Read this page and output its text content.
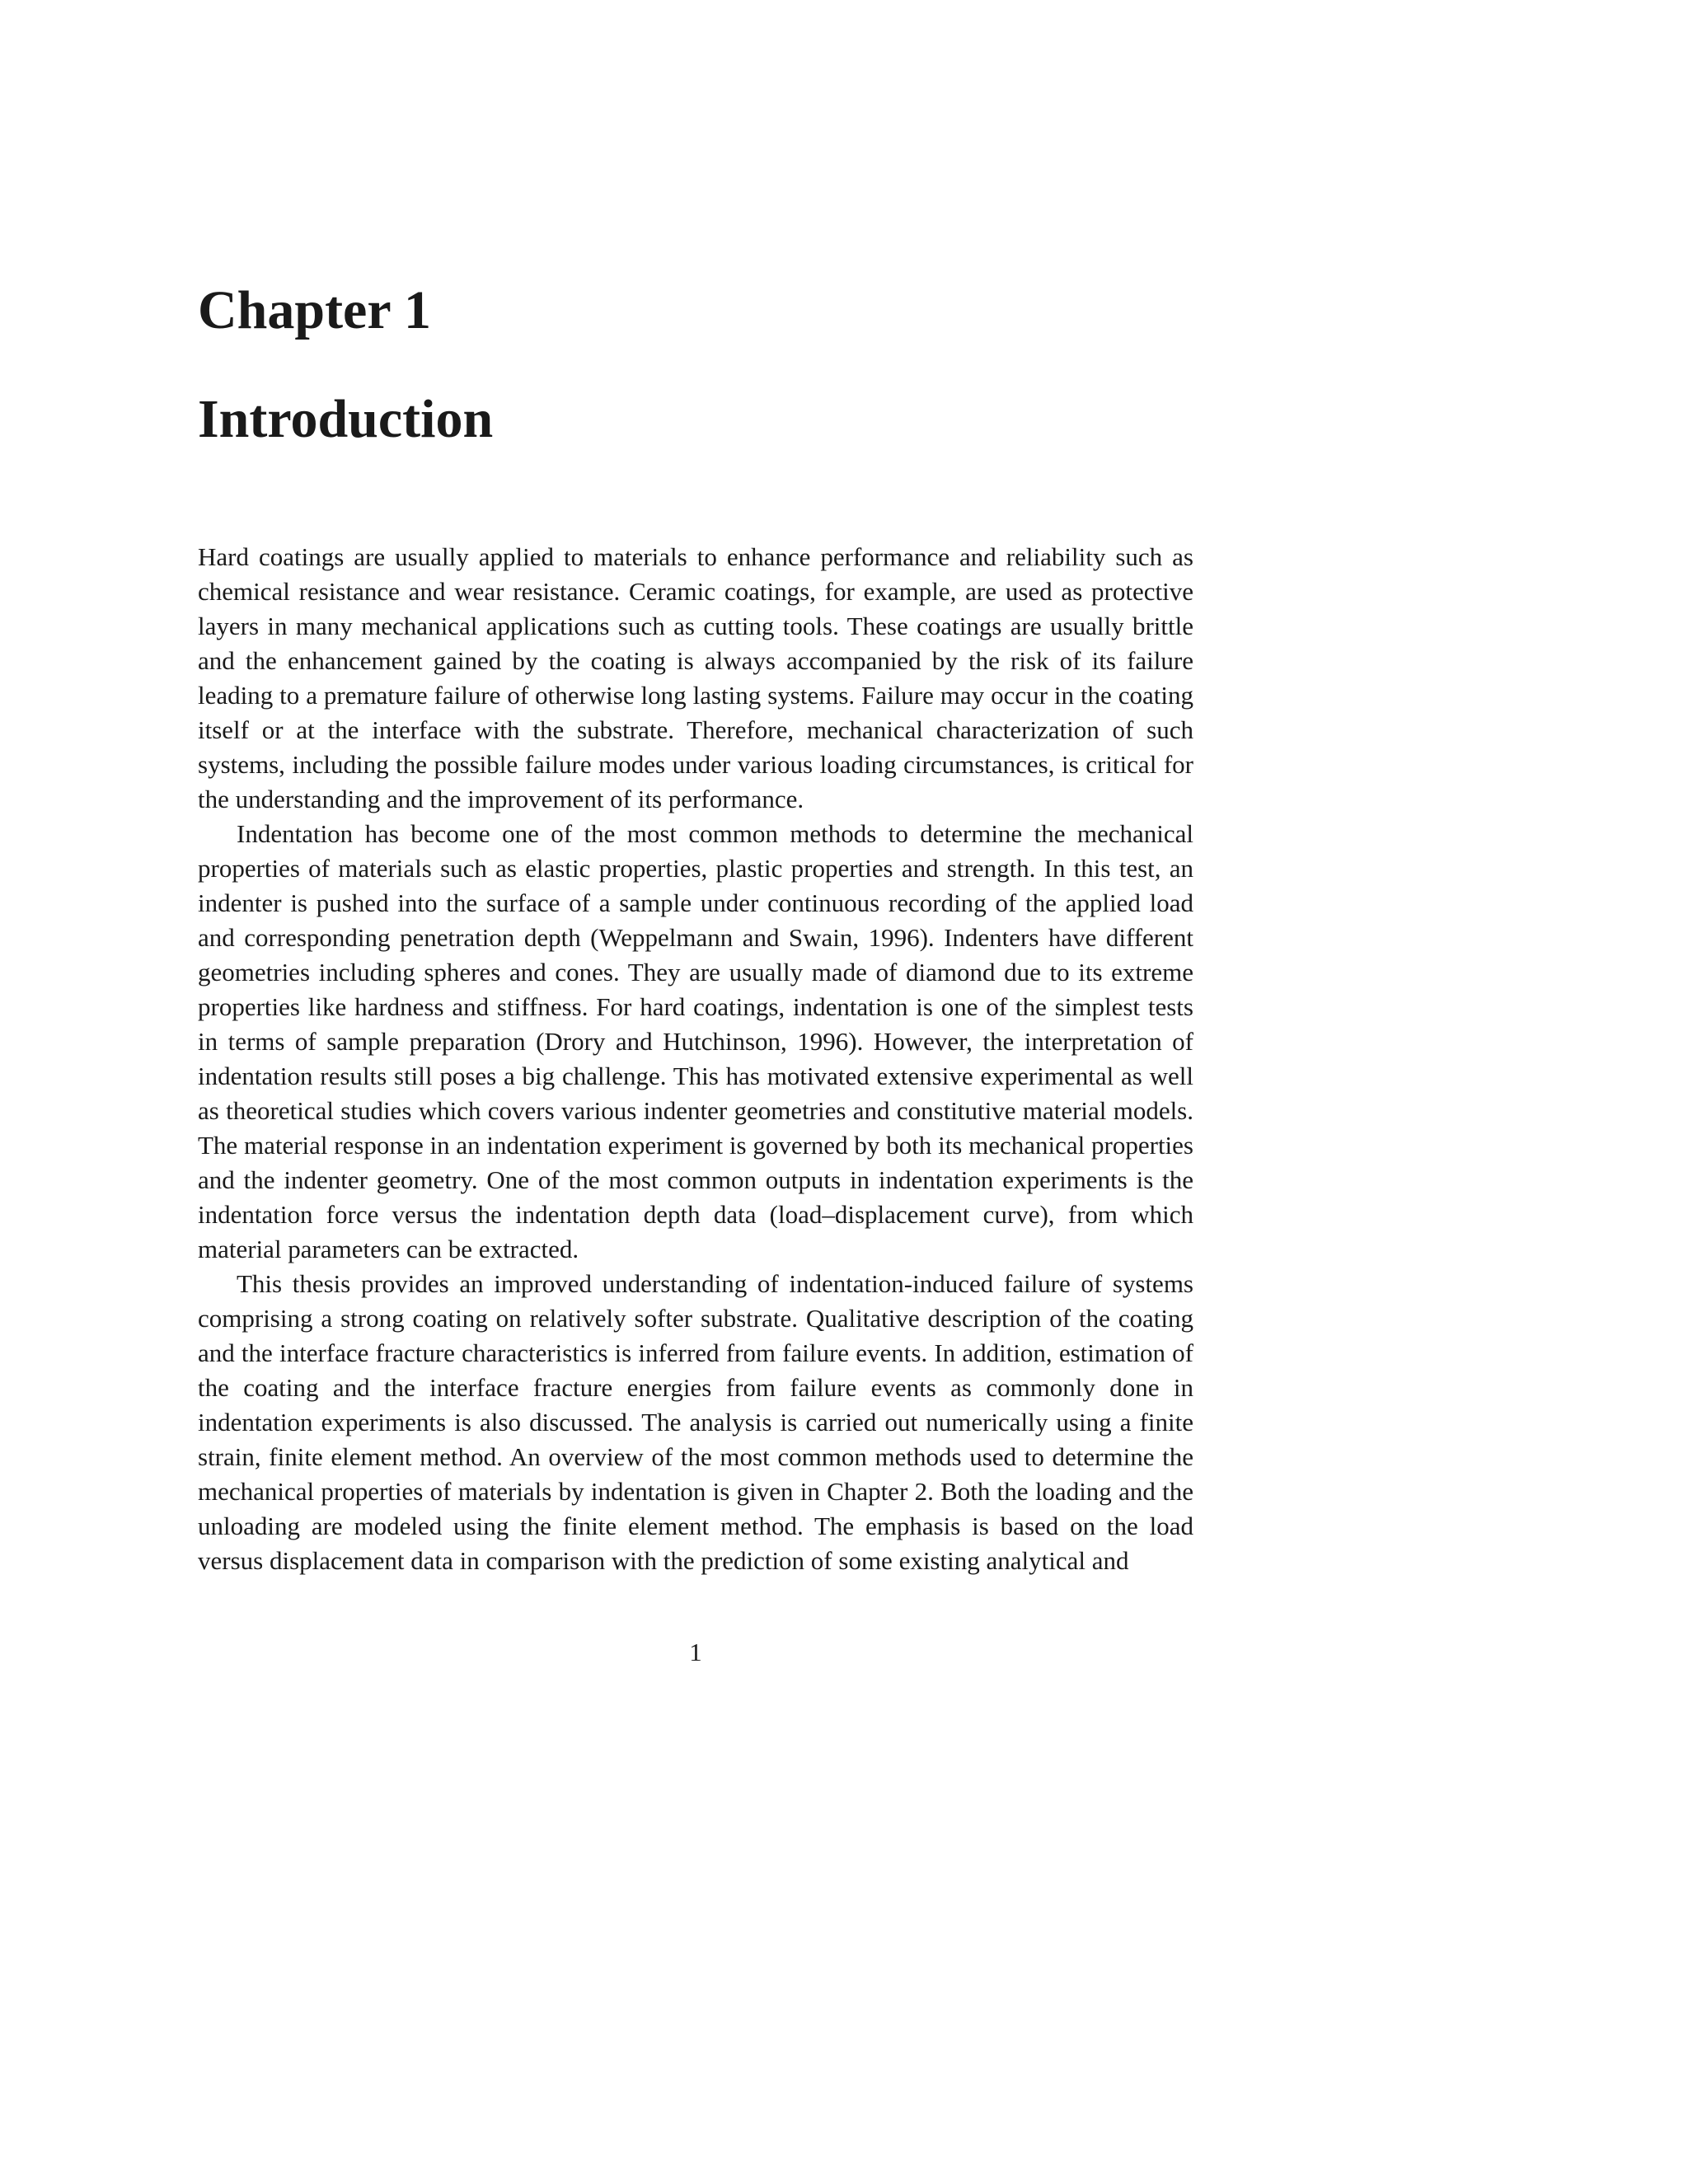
Chapter 1
Introduction

Hard coatings are usually applied to materials to enhance performance and reliability such as chemical resistance and wear resistance. Ceramic coatings, for example, are used as protective layers in many mechanical applications such as cutting tools. These coatings are usually brittle and the enhancement gained by the coating is always accompanied by the risk of its failure leading to a premature failure of otherwise long lasting systems. Failure may occur in the coating itself or at the interface with the substrate. Therefore, mechanical characterization of such systems, including the possible failure modes under various loading circumstances, is critical for the understanding and the improvement of its performance.

Indentation has become one of the most common methods to determine the mechanical properties of materials such as elastic properties, plastic properties and strength. In this test, an indenter is pushed into the surface of a sample under continuous recording of the applied load and corresponding penetration depth (Weppelmann and Swain, 1996). Indenters have different geometries including spheres and cones. They are usually made of diamond due to its extreme properties like hardness and stiffness. For hard coatings, indentation is one of the simplest tests in terms of sample preparation (Drory and Hutchinson, 1996). However, the interpretation of indentation results still poses a big challenge. This has motivated extensive experimental as well as theoretical studies which covers various indenter geometries and constitutive material models. The material response in an indentation experiment is governed by both its mechanical properties and the indenter geometry. One of the most common outputs in indentation experiments is the indentation force versus the indentation depth data (load–displacement curve), from which material parameters can be extracted.

This thesis provides an improved understanding of indentation-induced failure of systems comprising a strong coating on relatively softer substrate. Qualitative description of the coating and the interface fracture characteristics is inferred from failure events. In addition, estimation of the coating and the interface fracture energies from failure events as commonly done in indentation experiments is also discussed. The analysis is carried out numerically using a finite strain, finite element method. An overview of the most common methods used to determine the mechanical properties of materials by indentation is given in Chapter 2. Both the loading and the unloading are modeled using the finite element method. The emphasis is based on the load versus displacement data in comparison with the prediction of some existing analytical and

1
